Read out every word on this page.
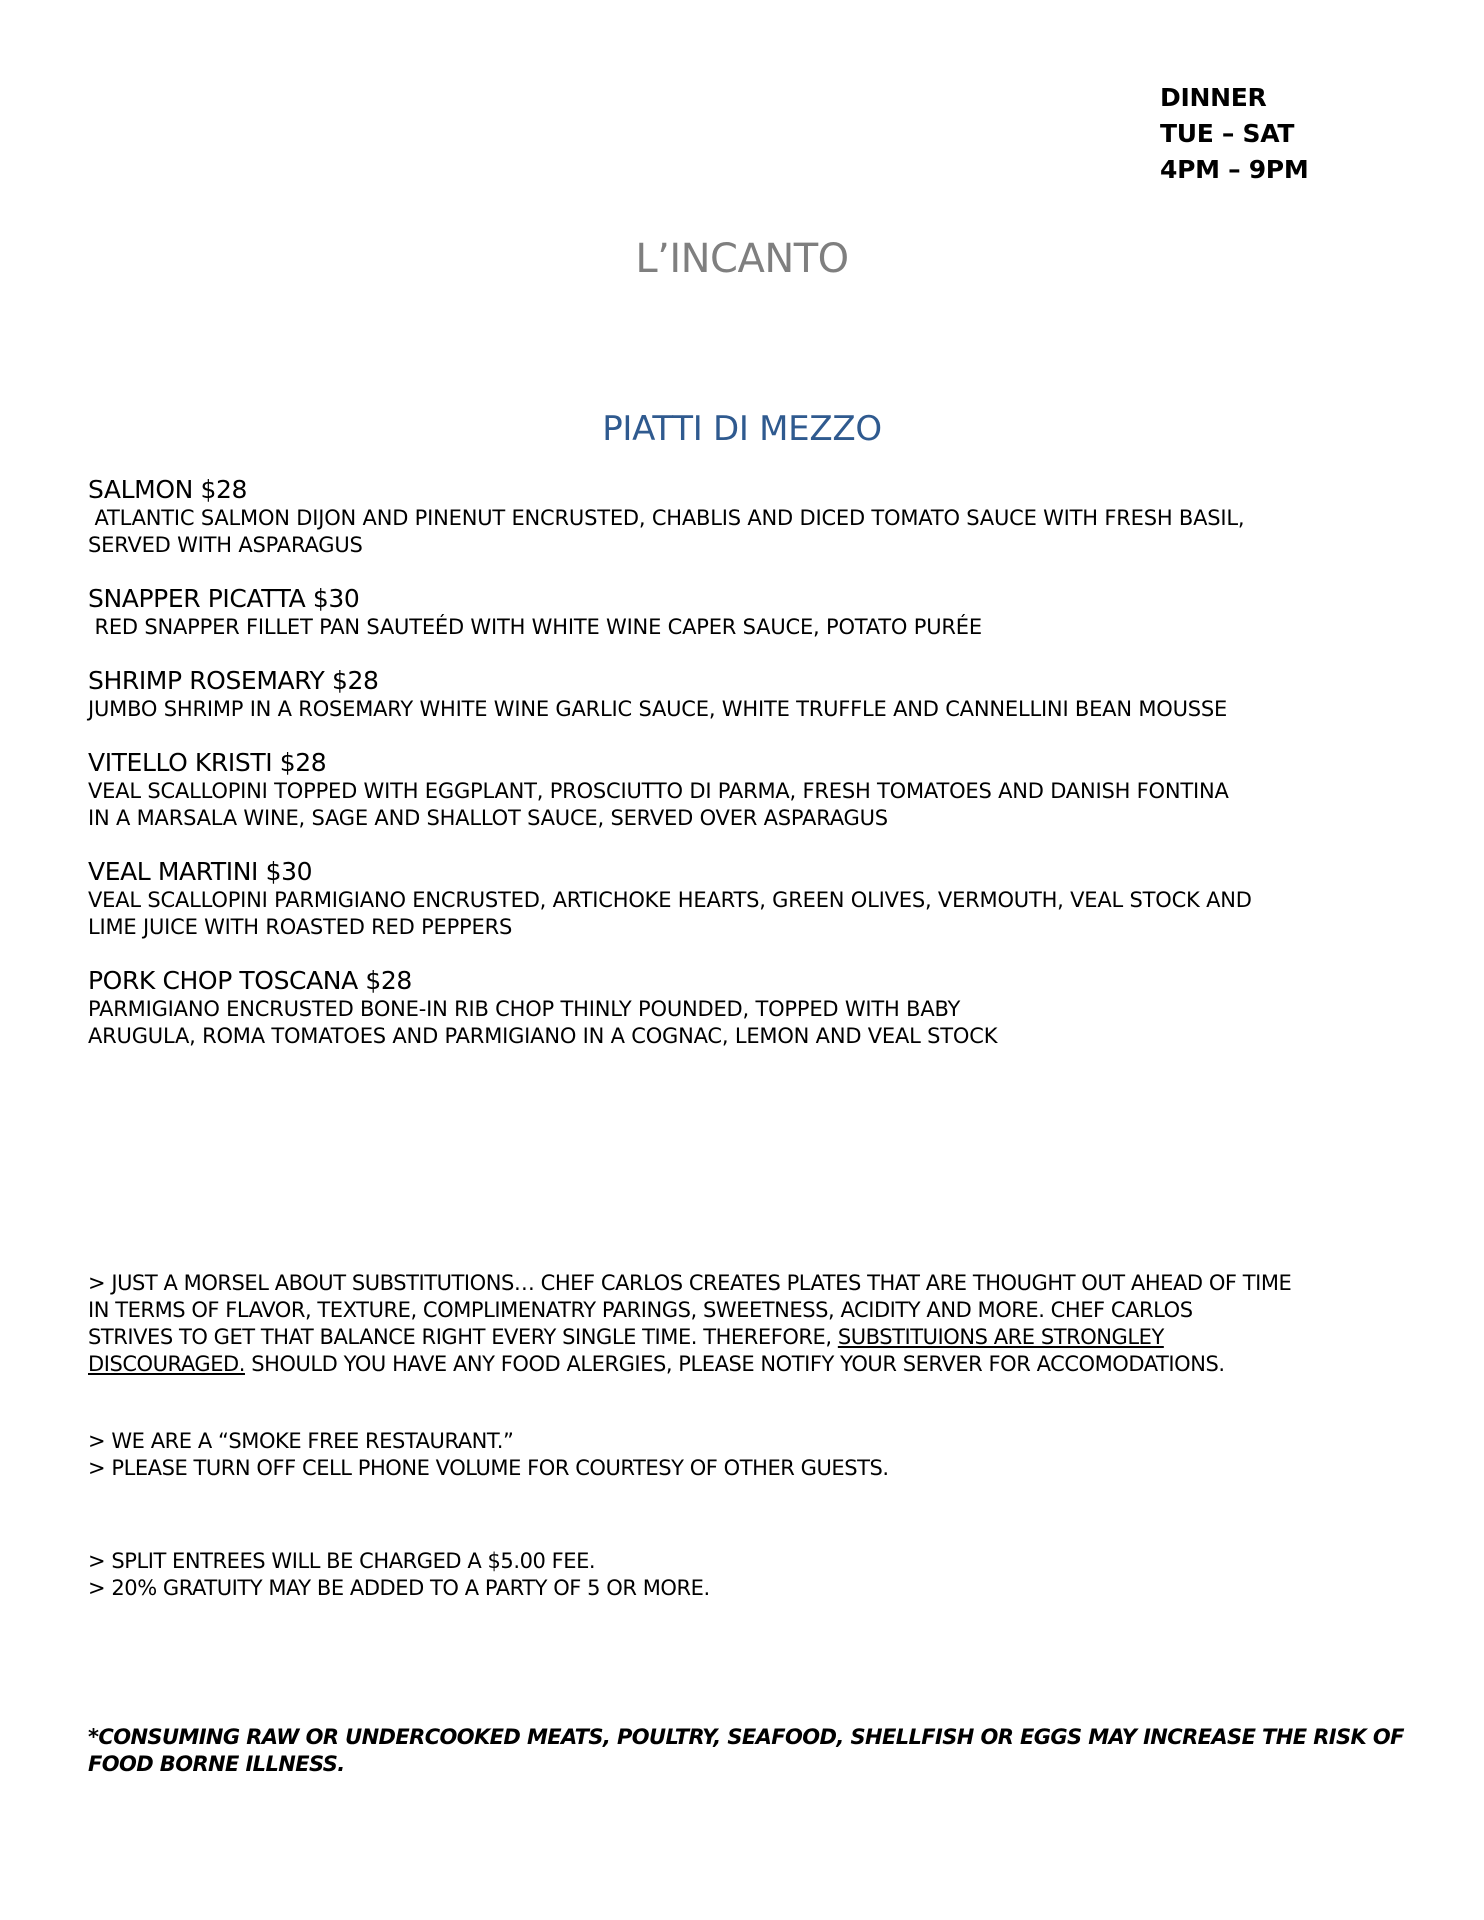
DINNER
TUE – SAT
4PM – 9PM
L’INCANTO
PIATTI DI MEZZO
SALMON $28
ATLANTIC SALMON DIJON AND PINENUT ENCRUSTED, CHABLIS AND DICED TOMATO SAUCE WITH FRESH BASIL,
SERVED WITH ASPARAGUS
SNAPPER PICATTA $30
RED SNAPPER FILLET PAN SAUTEÉD WITH WHITE WINE CAPER SAUCE, POTATO PURÉE
SHRIMP ROSEMARY $28
JUMBO SHRIMP IN A ROSEMARY WHITE WINE GARLIC SAUCE, WHITE TRUFFLE AND CANNELLINI BEAN MOUSSE
VITELLO KRISTI $28
VEAL SCALLOPINI TOPPED WITH EGGPLANT, PROSCIUTTO DI PARMA, FRESH TOMATOES AND DANISH FONTINA
IN A MARSALA WINE, SAGE AND SHALLOT SAUCE, SERVED OVER ASPARAGUS
VEAL MARTINI $30
VEAL SCALLOPINI PARMIGIANO ENCRUSTED, ARTICHOKE HEARTS, GREEN OLIVES, VERMOUTH, VEAL STOCK AND
LIME JUICE WITH ROASTED RED PEPPERS
PORK CHOP TOSCANA $28
PARMIGIANO ENCRUSTED BONE-IN RIB CHOP THINLY POUNDED, TOPPED WITH BABY
ARUGULA, ROMA TOMATOES AND PARMIGIANO IN A COGNAC, LEMON AND VEAL STOCK
> JUST A MORSEL ABOUT SUBSTITUTIONS… CHEF CARLOS CREATES PLATES THAT ARE THOUGHT OUT AHEAD OF TIME
IN TERMS OF FLAVOR, TEXTURE, COMPLIMENATRY PARINGS, SWEETNESS, ACIDITY AND MORE. CHEF CARLOS
STRIVES TO GET THAT BALANCE RIGHT EVERY SINGLE TIME. THEREFORE, SUBSTITUIONS ARE STRONGLEY
DISCOURAGED. SHOULD YOU HAVE ANY FOOD ALERGIES, PLEASE NOTIFY YOUR SERVER FOR ACCOMODATIONS.
> WE ARE A “SMOKE FREE RESTAURANT.”
> PLEASE TURN OFF CELL PHONE VOLUME FOR COURTESY OF OTHER GUESTS.
> SPLIT ENTREES WILL BE CHARGED A $5.00 FEE.
> 20% GRATUITY MAY BE ADDED TO A PARTY OF 5 OR MORE.
*CONSUMING RAW OR UNDERCOOKED MEATS, POULTRY, SEAFOOD, SHELLFISH OR EGGS MAY INCREASE THE RISK OF
FOOD BORNE ILLNESS.
